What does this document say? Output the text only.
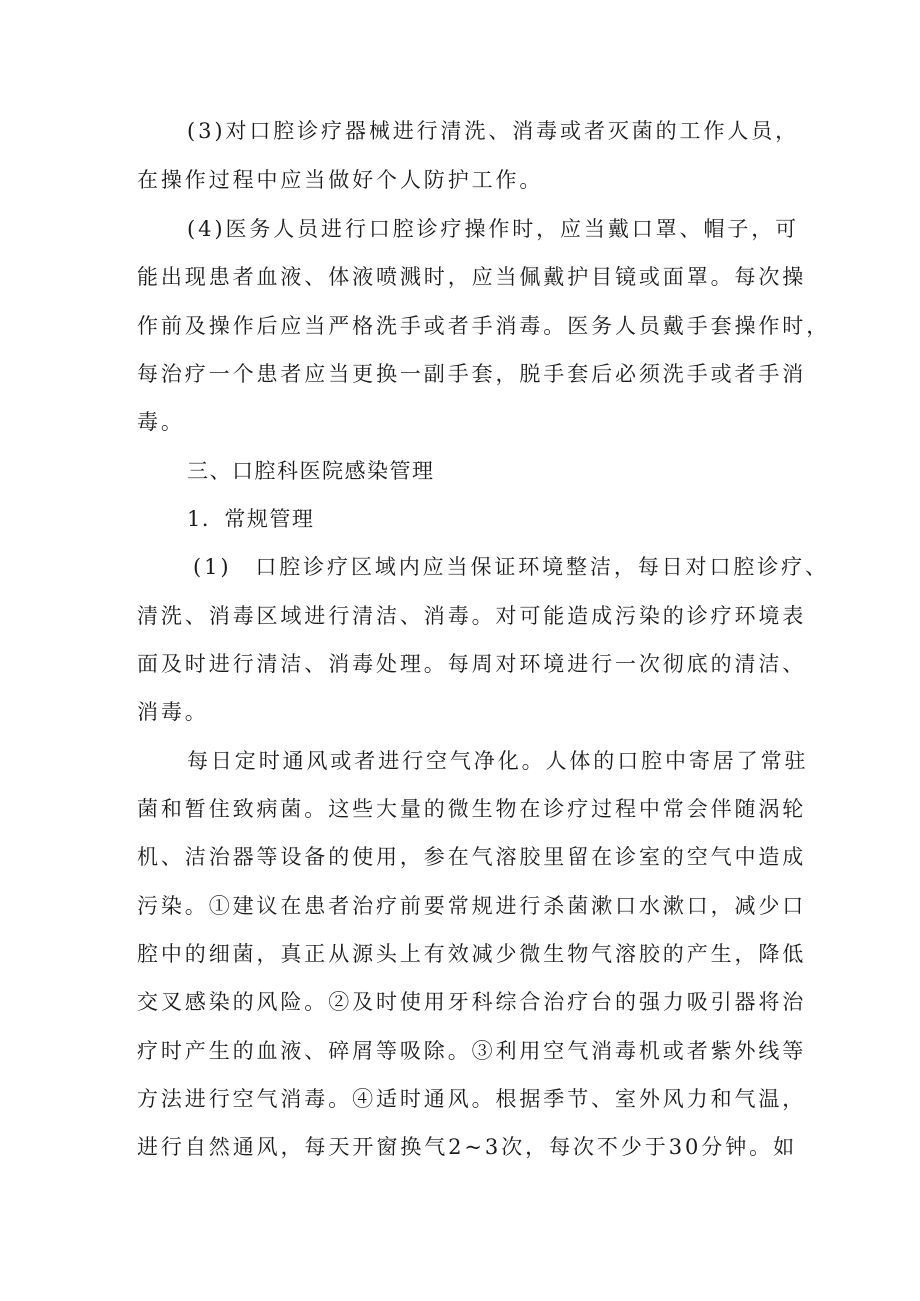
(3)对口腔诊疗器械进行清洗、消毒或者灭菌的工作人员，
在操作过程中应当做好个人防护工作。
(4)医务人员进行口腔诊疗操作时，应当戴口罩、帽子，可
能出现患者血液、体液喷溅时，应当佩戴护目镜或面罩。每次操
作前及操作后应当严格洗手或者手消毒。医务人员戴手套操作时，
每治疗一个患者应当更换一副手套，脱手套后必须洗手或者手消
毒。
三、口腔科医院感染管理
1．常规管理
(1)　口腔诊疗区域内应当保证环境整洁，每日对口腔诊疗、
清洗、消毒区域进行清洁、消毒。对可能造成污染的诊疗环境表
面及时进行清洁、消毒处理。每周对环境进行一次彻底的清洁、
消毒。
每日定时通风或者进行空气净化。人体的口腔中寄居了常驻
菌和暂住致病菌。这些大量的微生物在诊疗过程中常会伴随涡轮
机、洁治器等设备的使用，参在气溶胶里留在诊室的空气中造成
污染。①建议在患者治疗前要常规进行杀菌漱口水漱口，减少口
腔中的细菌，真正从源头上有效减少微生物气溶胶的产生，降低
交叉感染的风险。②及时使用牙科综合治疗台的强力吸引器将治
疗时产生的血液、碎屑等吸除。③利用空气消毒机或者紫外线等
方法进行空气消毒。④适时通风。根据季节、室外风力和气温，
进行自然通风，每天开窗换气2~3次，每次不少于30分钟。如
